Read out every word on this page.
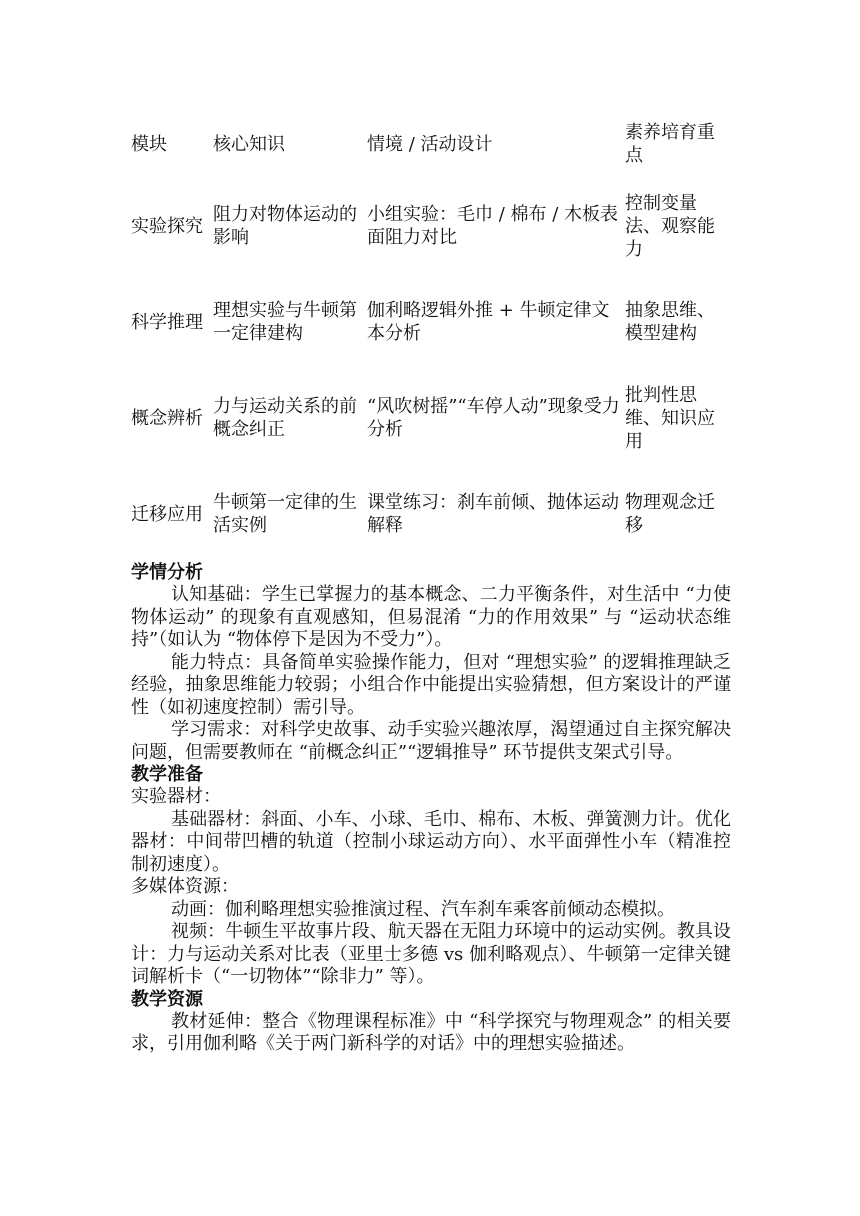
模块	核心知识	情境 / 活动设计	素养培育重点
实验探究	阻力对物体运动的影响	小组实验：毛巾 / 棉布 / 木板表面阻力对比	控制变量法、观察能力
科学推理	理想实验与牛顿第一定律建构	伽利略逻辑外推 + 牛顿定律文本分析	抽象思维、模型建构
概念辨析	力与运动关系的前概念纠正	“风吹树摇”“车停人动”现象受力分析	批判性思维、知识应用
迁移应用	牛顿第一定律的生活实例	课堂练习：刹车前倾、抛体运动解释	物理观念迁移
学情分析

认知基础：学生已掌握力的基本概念、二力平衡条件，对生活中 “力使物体运动” 的现象有直观感知，但易混淆 “力的作用效果” 与 “运动状态维持”（如认为 “物体停下是因为不受力”）。

能力特点：具备简单实验操作能力，但对 “理想实验” 的逻辑推理缺乏经验，抽象思维能力较弱；小组合作中能提出实验猜想，但方案设计的严谨性（如初速度控制）需引导。

学习需求：对科学史故事、动手实验兴趣浓厚，渴望通过自主探究解决问题，但需要教师在 “前概念纠正”“逻辑推导” 环节提供支架式引导。

教学准备

实验器材：

基础器材：斜面、小车、小球、毛巾、棉布、木板、弹簧测力计。优化器材：中间带凹槽的轨道（控制小球运动方向）、水平面弹性小车（精准控制初速度）。

多媒体资源：

动画：伽利略理想实验推演过程、汽车刹车乘客前倾动态模拟。

视频：牛顿生平故事片段、航天器在无阻力环境中的运动实例。教具设计：力与运动关系对比表（亚里士多德 vs 伽利略观点）、牛顿第一定律关键词解析卡（“一切物体”“除非力” 等）。

教学资源

教材延伸：整合《物理课程标准》中 “科学探究与物理观念” 的相关要求，引用伽利略《关于两门新科学的对话》中的理想实验描述。
